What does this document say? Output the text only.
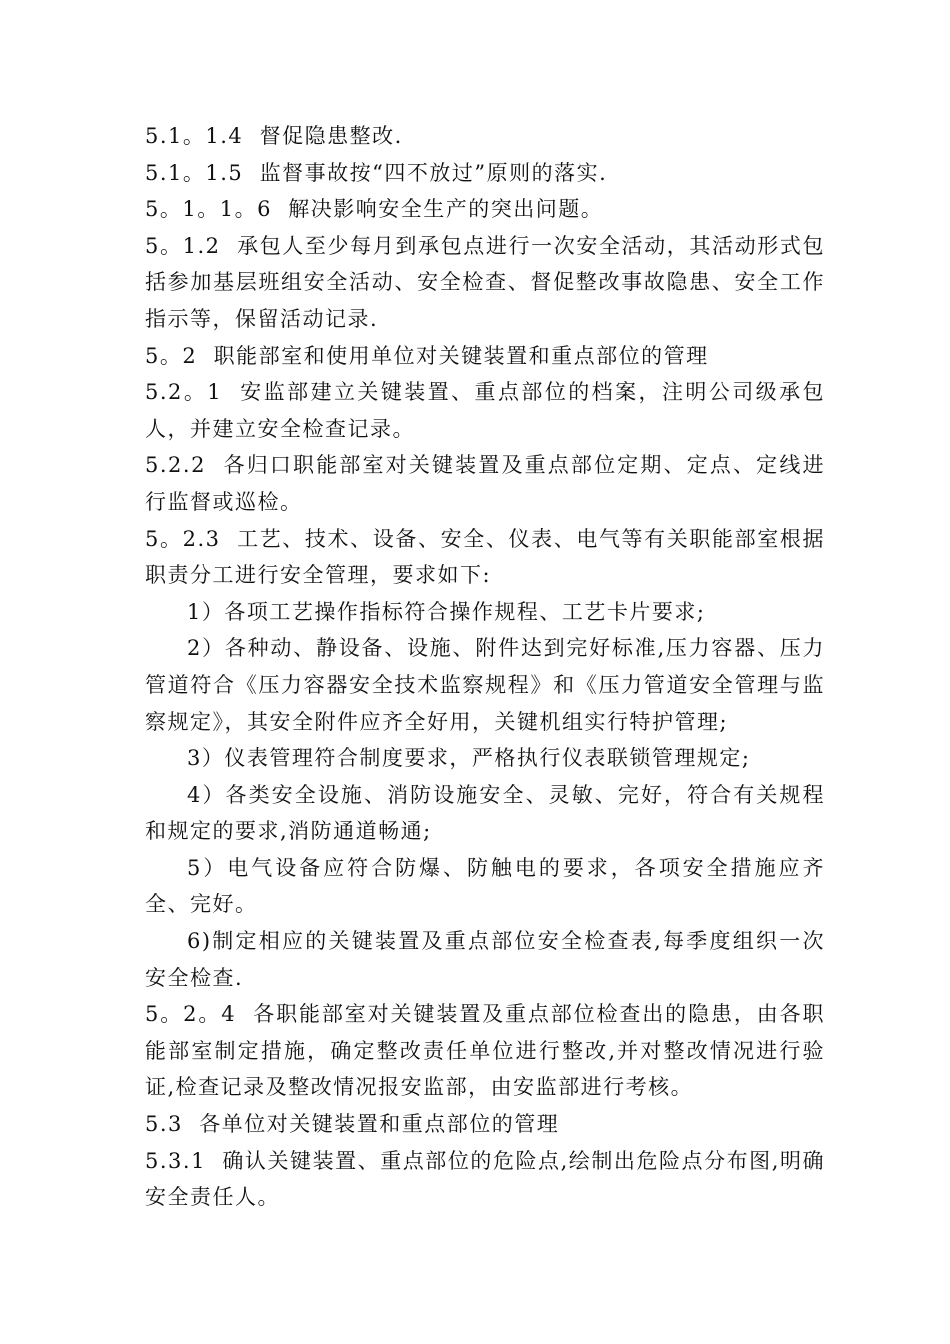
5.1。1.4  督促隐患整改.

5.1。1.5  监督事故按“四不放过”原则的落实.

5。1。1。6  解决影响安全生产的突出问题。

5。1.2  承包人至少每月到承包点进行一次安全活动，其活动形式包括参加基层班组安全活动、安全检查、督促整改事故隐患、安全工作指示等，保留活动记录.

5。2  职能部室和使用单位对关键装置和重点部位的管理

5.2。1  安监部建立关键装置、重点部位的档案，注明公司级承包人，并建立安全检查记录。

5.2.2  各归口职能部室对关键装置及重点部位定期、定点、定线进行监督或巡检。

5。2.3  工艺、技术、设备、安全、仪表、电气等有关职能部室根据职责分工进行安全管理，要求如下:

1）各项工艺操作指标符合操作规程、工艺卡片要求;

2）各种动、静设备、设施、附件达到完好标准,压力容器、压力管道符合《压力容器安全技术监察规程》和《压力管道安全管理与监察规定》，其安全附件应齐全好用，关键机组实行特护管理;

3）仪表管理符合制度要求，严格执行仪表联锁管理规定;

4）各类安全设施、消防设施安全、灵敏、完好，符合有关规程和规定的要求,消防通道畅通;

5）电气设备应符合防爆、防触电的要求，各项安全措施应齐全、完好。

6)制定相应的关键装置及重点部位安全检查表,每季度组织一次安全检查.

5。2。4  各职能部室对关键装置及重点部位检查出的隐患，由各职能部室制定措施，确定整改责任单位进行整改,并对整改情况进行验证,检查记录及整改情况报安监部，由安监部进行考核。

5.3  各单位对关键装置和重点部位的管理

5.3.1  确认关键装置、重点部位的危险点,绘制出危险点分布图,明确安全责任人。
